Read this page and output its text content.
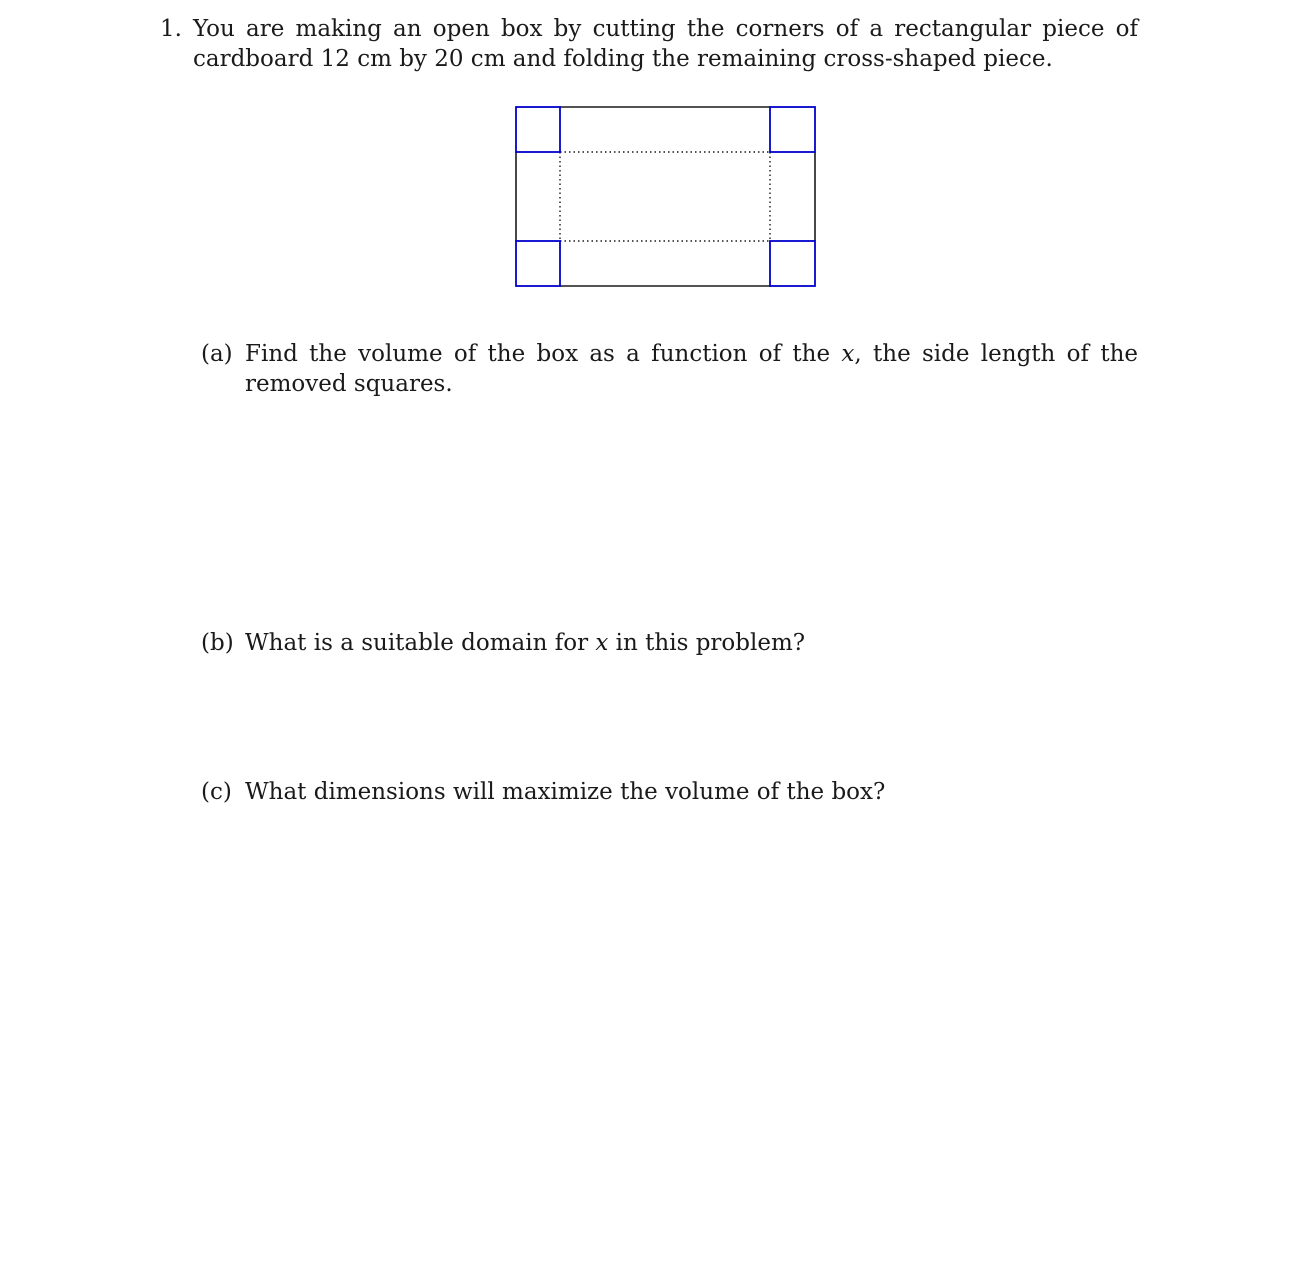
1. You are making an open box by cutting the corners of a rectangular piece of cardboard 12 cm by 20 cm and folding the remaining cross-shaped piece.
(a) Find the volume of the box as a function of the x, the side length of the removed squares.
(b) What is a suitable domain for x in this problem?
(c) What dimensions will maximize the volume of the box?
